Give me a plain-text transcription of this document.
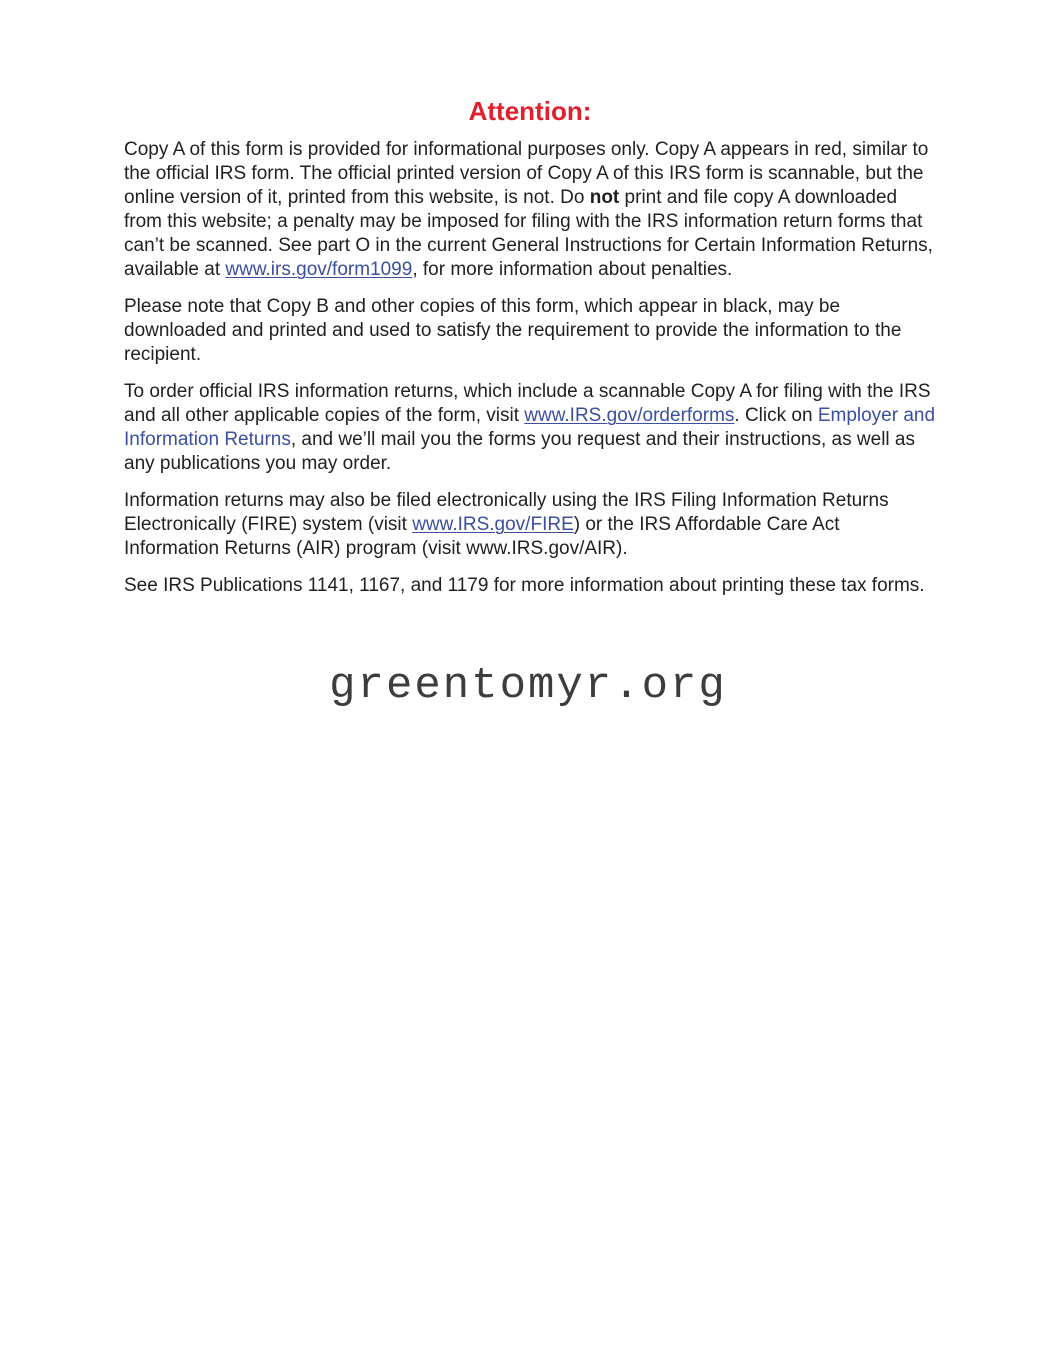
Attention:

Copy A of this form is provided for informational purposes only. Copy A appears in red, similar to the official IRS form. The official printed version of Copy A of this IRS form is scannable, but the online version of it, printed from this website, is not. Do not print and file copy A downloaded from this website; a penalty may be imposed for filing with the IRS information return forms that can’t be scanned. See part O in the current General Instructions for Certain Information Returns, available at www.irs.gov/form1099, for more information about penalties.

Please note that Copy B and other copies of this form, which appear in black, may be downloaded and printed and used to satisfy the requirement to provide the information to the recipient.

To order official IRS information returns, which include a scannable Copy A for filing with the IRS and all other applicable copies of the form, visit www.IRS.gov/orderforms. Click on Employer and Information Returns, and we’ll mail you the forms you request and their instructions, as well as any publications you may order.

Information returns may also be filed electronically using the IRS Filing Information Returns Electronically (FIRE) system (visit www.IRS.gov/FIRE) or the IRS Affordable Care Act Information Returns (AIR) program (visit www.IRS.gov/AIR).

See IRS Publications 1141, 1167, and 1179 for more information about printing these tax forms.

greentomyr.org
